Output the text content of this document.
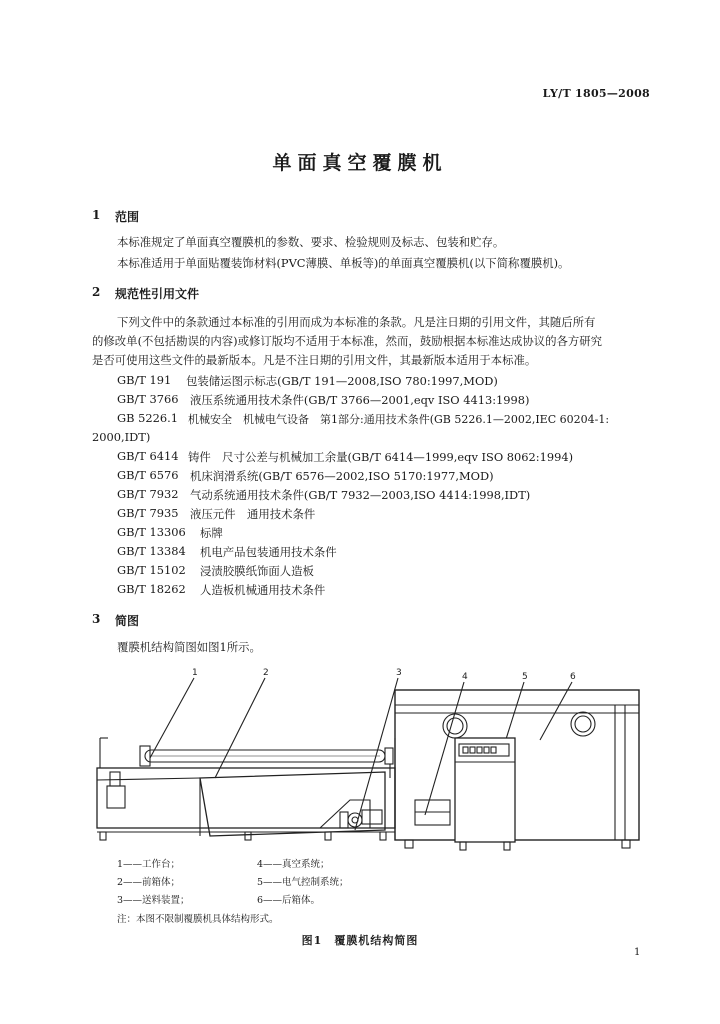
LY/T 1805—2008
单面真空覆膜机
1 范围
本标准规定了单面真空覆膜机的参数、要求、检验规则及标志、包装和贮存。
本标准适用于单面贴覆装饰材料(PVC薄膜、单板等)的单面真空覆膜机(以下简称覆膜机)。
2 规范性引用文件
下列文件中的条款通过本标准的引用而成为本标准的条款。凡是注日期的引用文件，其随后所有
的修改单(不包括勘误的内容)或修订版均不适用于本标准，然而，鼓励根据本标准达成协议的各方研究
是否可使用这些文件的最新版本。凡是不注日期的引用文件，其最新版本适用于本标准。
GB/T 191 包装储运图示标志(GB/T 191—2008,ISO 780:1997,MOD)
GB/T 3766 液压系统通用技术条件(GB/T 3766—2001,eqv ISO 4413:1998)
GB 5226.1 机械安全　机械电气设备　第1部分:通用技术条件(GB 5226.1—2002,IEC 60204-1:
2000,IDT)
GB/T 6414 铸件　尺寸公差与机械加工余量(GB/T 6414—1999,eqv ISO 8062:1994)
GB/T 6576 机床润滑系统(GB/T 6576—2002,ISO 5170:1977,MOD)
GB/T 7932 气动系统通用技术条件(GB/T 7932—2003,ISO 4414:1998,IDT)
GB/T 7935 液压元件　通用技术条件
GB/T 13306 标牌
GB/T 13384 机电产品包装通用技术条件
GB/T 15102 浸渍胶膜纸饰面人造板
GB/T 18262 人造板机械通用技术条件
3 简图
覆膜机结构简图如图1所示。
1	2	3	4	5	6
1——工作台；	4——真空系统；
2——前箱体；	5——电气控制系统；
3——送料装置；	6——后箱体。
注：本图不限制覆膜机具体结构形式。
图1　覆膜机结构简图
1
